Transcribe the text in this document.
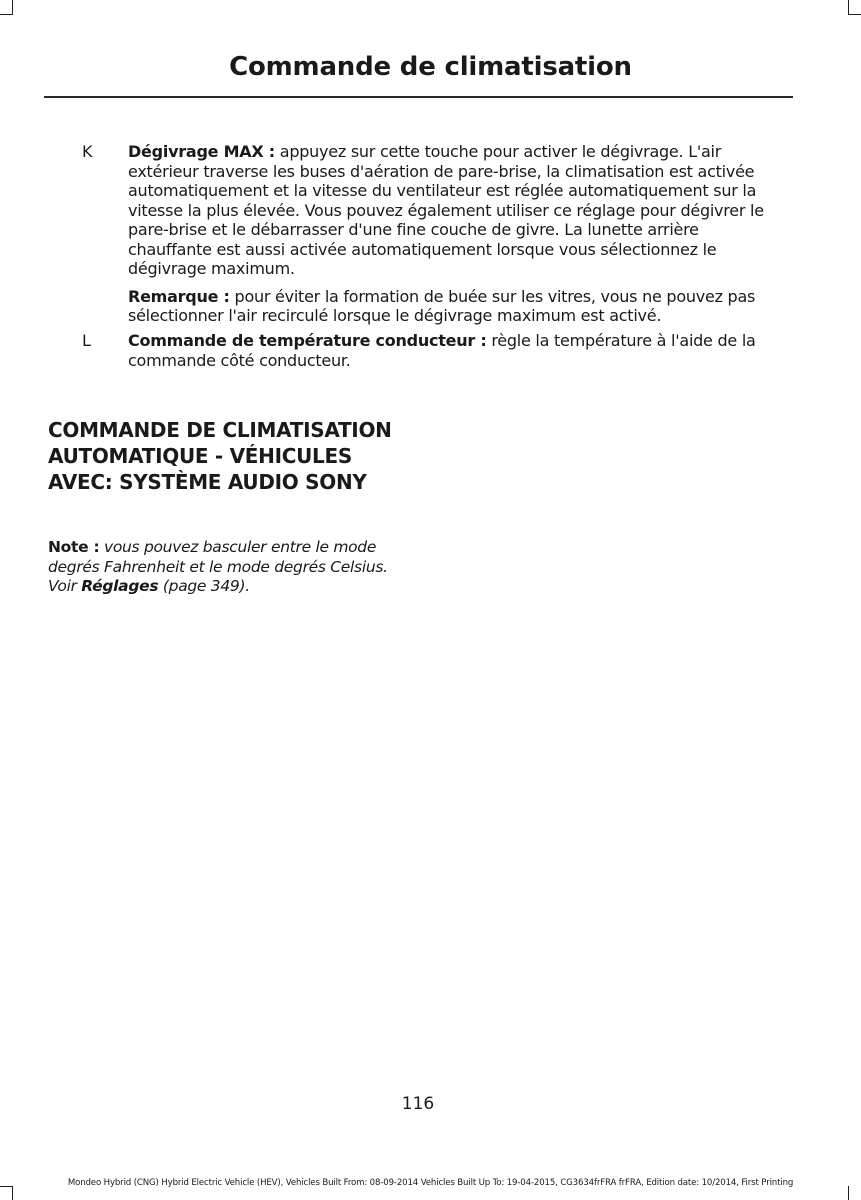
Commande de climatisation
K Dégivrage MAX : appuyez sur cette touche pour activer le dégivrage. L'air extérieur traverse les buses d'aération de pare-brise, la climatisation est activée automatiquement et la vitesse du ventilateur est réglée automatiquement sur la vitesse la plus élevée. Vous pouvez également utiliser ce réglage pour dégivrer le pare-brise et le débarrasser d'une fine couche de givre. La lunette arrière chauffante est aussi activée automatiquement lorsque vous sélectionnez le dégivrage maximum.
Remarque : pour éviter la formation de buée sur les vitres, vous ne pouvez pas sélectionner l'air recirculé lorsque le dégivrage maximum est activé.
L Commande de température conducteur : règle la température à l'aide de la commande côté conducteur.
COMMANDE DE CLIMATISATION AUTOMATIQUE - VÉHICULES AVEC: SYSTÈME AUDIO SONY
Note : vous pouvez basculer entre le mode degrés Fahrenheit et le mode degrés Celsius. Voir Réglages (page 349).
116
Mondeo Hybrid (CNG) Hybrid Electric Vehicle (HEV), Vehicles Built From: 08-09-2014 Vehicles Built Up To: 19-04-2015, CG3634frFRA frFRA, Edition date: 10/2014, First Printing
